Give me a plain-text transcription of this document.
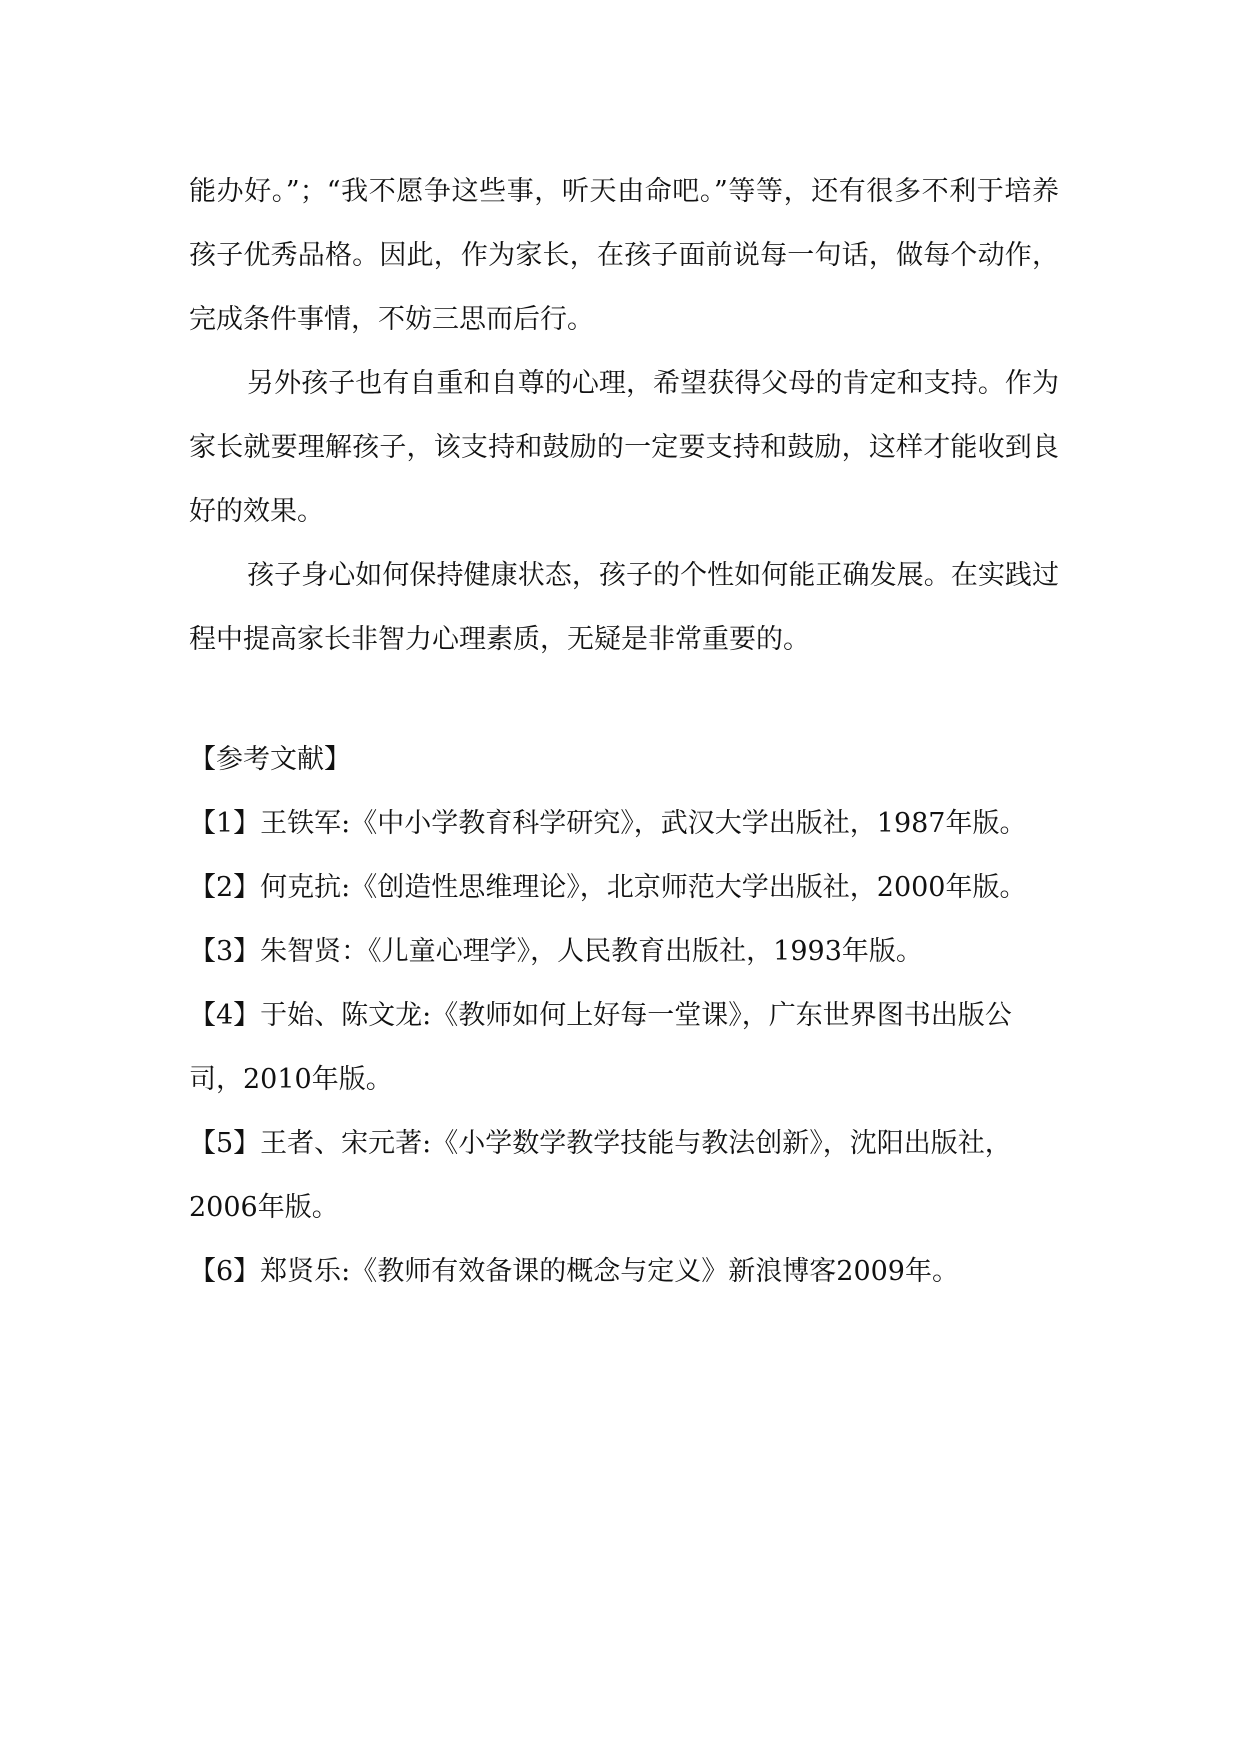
能办好。”；“我不愿争这些事，听天由命吧。”等等，还有很多不利于培养孩子优秀品格。因此，作为家长，在孩子面前说每一句话，做每个动作，完成条件事情，不妨三思而后行。

另外孩子也有自重和自尊的心理，希望获得父母的肯定和支持。作为家长就要理解孩子，该支持和鼓励的一定要支持和鼓励，这样才能收到良好的效果。

孩子身心如何保持健康状态，孩子的个性如何能正确发展。在实践过程中提高家长非智力心理素质，无疑是非常重要的。

【参考文献】

【1】王铁军:《中小学教育科学研究》，武汉大学出版社，1987年版。

【2】何克抗:《创造性思维理论》，北京师范大学出版社，2000年版。

【3】朱智贤：《儿童心理学》，人民教育出版社，1993年版。

【4】于始、陈文龙:《教师如何上好每一堂课》，广东世界图书出版公司，2010年版。

【5】王者、宋元著:《小学数学教学技能与教法创新》，沈阳出版社，2006年版。

【6】郑贤乐:《教师有效备课的概念与定义》新浪博客2009年。
